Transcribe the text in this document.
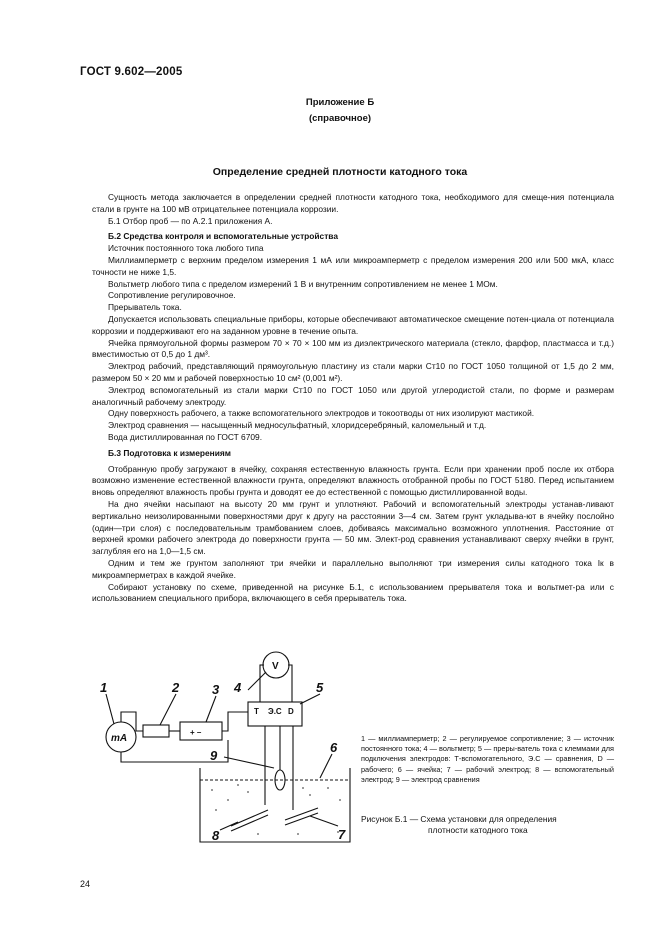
ГОСТ 9.602—2005
Приложение Б
(справочное)
Определение средней плотности катодного тока

Сущность метода заключается в определении средней плотности катодного тока, необходимого для смеще-ния потенциала стали в грунте на 100 мВ отрицательнее потенциала коррозии.

Б.1 Отбор проб — по А.2.1 приложения А.

Б.2 Средства контроля и вспомогательные устройства

Источник постоянного тока любого типа

Миллиамперметр с верхним пределом измерения 1 мА или микроамперметр с пределом измерения 200 или 500 мкА, класс точности не ниже 1,5.

Вольтметр любого типа с пределом измерений 1 В и внутренним сопротивлением не менее 1 МОм.

Сопротивление регулировочное.

Прерыватель тока.

Допускается использовать специальные приборы, которые обеспечивают автоматическое смещение потен-циала от потенциала коррозии и поддерживают его на заданном уровне в течение опыта.

Ячейка прямоугольной формы размером 70 × 70 × 100 мм из диэлектрического материала (стекло, фарфор, пластмасса и т.д.) вместимостью от 0,5 до 1 дм³.

Электрод рабочий, представляющий прямоугольную пластину из стали марки Ст10 по ГОСТ 1050 толщиной от 1,5 до 2 мм, размером 50 × 20 мм и рабочей поверхностью 10 см² (0,001 м²).

Электрод вспомогательный из стали марки Ст10 по ГОСТ 1050 или другой углеродистой стали, по форме и размерам аналогичный рабочему электроду.

Одну поверхность рабочего, а также вспомогательного электродов и токоотводы от них изолируют мастикой.

Электрод сравнения — насыщенный медносульфатный, хлоридсеребряный, каломельный и т.д.

Вода дистиллированная по ГОСТ 6709.

Б.3 Подготовка к измерениям

Отобранную пробу загружают в ячейку, сохраняя естественную влажность грунта. Если при хранении проб после их отбора возможно изменение естественной влажности грунта, определяют влажность отобранной пробы по ГОСТ 5180. Перед испытанием вновь определяют влажность пробы грунта и доводят ее до естественной с помощью дистиллированной воды.

На дно ячейки насыпают на высоту 20 мм грунт и уплотняют. Рабочий и вспомогательный электроды устанав-ливают вертикально неизолированными поверхностями друг к другу на расстоянии 3—4 см. Затем грунт укладыва-ют в ячейку послойно (один—три слоя) с последовательным трамбованием слоев, добиваясь максимально возможного уплотнения. Расстояние от верхней кромки рабочего электрода до поверхности грунта — 50 мм. Элект-род сравнения устанавливают сверху ячейки в грунт, заглубляя его на 1,0—1,5 см.

Одним и тем же грунтом заполняют три ячейки и параллельно выполняют три измерения силы катодного тока Iк в микроамперметрах в каждой ячейке.

Собирают установку по схеме, приведенной на рисунке Б.1, с использованием прерывателя тока и вольтмет-ра или с использованием специального прибора, включающего в себя прерыватель тока.

1	2	3 4	5
6
7
8
9
mA
V
T Э.С D
+ –
1 — миллиамперметр; 2 — регулируемое сопротивление; 3 — источник постоянного тока; 4 — вольтметр; 5 — преры-ватель тока с клеммами для подключения электродов: Т-вспомогательного, Э.С — сравнения, D — рабочего; 6 — ячейка; 7 — рабочий электрод; 8 — вспомогательный электрод; 9 — электрод сравнения
Рисунок Б.1 — Схема установки для определения
плотности катодного тока
24
